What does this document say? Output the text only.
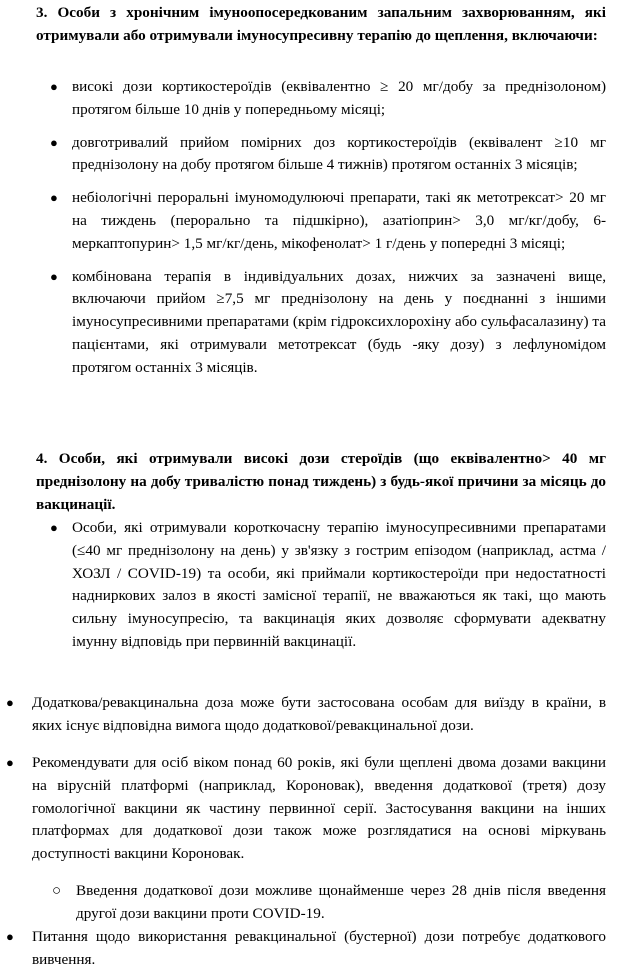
3. Особи з хронічним імуноопосередкованим запальним захворюванням, які отримували або отримували імуносупресивну терапію до щеплення, включаючи:

● високі дози кортикостероїдів (еквівалентно ≥ 20 мг/добу за преднізолоном) протягом більше 10 днів у попередньому місяці;

● довготривалий прийом помірних доз кортикостероїдів (еквівалент ≥10 мг преднізолону на добу протягом більше 4 тижнів) протягом останніх 3 місяців;

● небіологічні пероральні імуномодулюючі препарати, такі як метотрексат> 20 мг на тиждень (перорально та підшкірно), азатіоприн> 3,0 мг/кг/добу, 6-меркаптопурин> 1,5 мг/кг/день, мікофенолат> 1 г/день у попередні 3 місяці;

● комбінована терапія в індивідуальних дозах, нижчих за зазначені вище, включаючи прийом ≥7,5 мг преднізолону на день у поєднанні з іншими імуносупресивними препаратами (крім гідроксихлорохіну або сульфасалазину) та пацієнтами, які отримували метотрексат (будь -яку дозу) з лефлуномідом протягом останніх 3 місяців.

4. Особи, які отримували високі дози стероїдів (що еквівалентно> 40 мг преднізолону на добу тривалістю понад тиждень) з будь-якої причини за місяць до вакцинації.

● Особи, які отримували короткочасну терапію імуносупресивними препаратами (≤40 мг преднізолону на день) у зв'язку з гострим епізодом (наприклад, астма / ХОЗЛ / COVID-19) та особи, які приймали кортикостероїди при недостатності надниркових залоз в якості замісної терапії, не вважаються як такі, що мають сильну імуносупресію, та вакцинація яких дозволяє сформувати адекватну імунну відповідь при первинній вакцинації.

● Додаткова/ревакцинальна доза може бути застосована особам для виїзду в країни, в яких існує відповідна вимога щодо додаткової/ревакцинальної дози.

● Рекомендувати для осіб віком понад 60 років, які були щеплені двома дозами вакцини на вірусній платформі (наприклад, Короновак), введення додаткової (третя) дозу гомологічної вакцини як частину первинної серії. Застосування вакцини на інших платформах для додаткової дози також може розглядатися на основі міркувань доступності вакцини Короновак.

○ Введення додаткової дози можливе щонайменше через 28 днів після введення другої дози вакцини проти COVID-19.

● Питання щодо використання ревакцинальної (бустерної) дози потребує додаткового вивчення.
